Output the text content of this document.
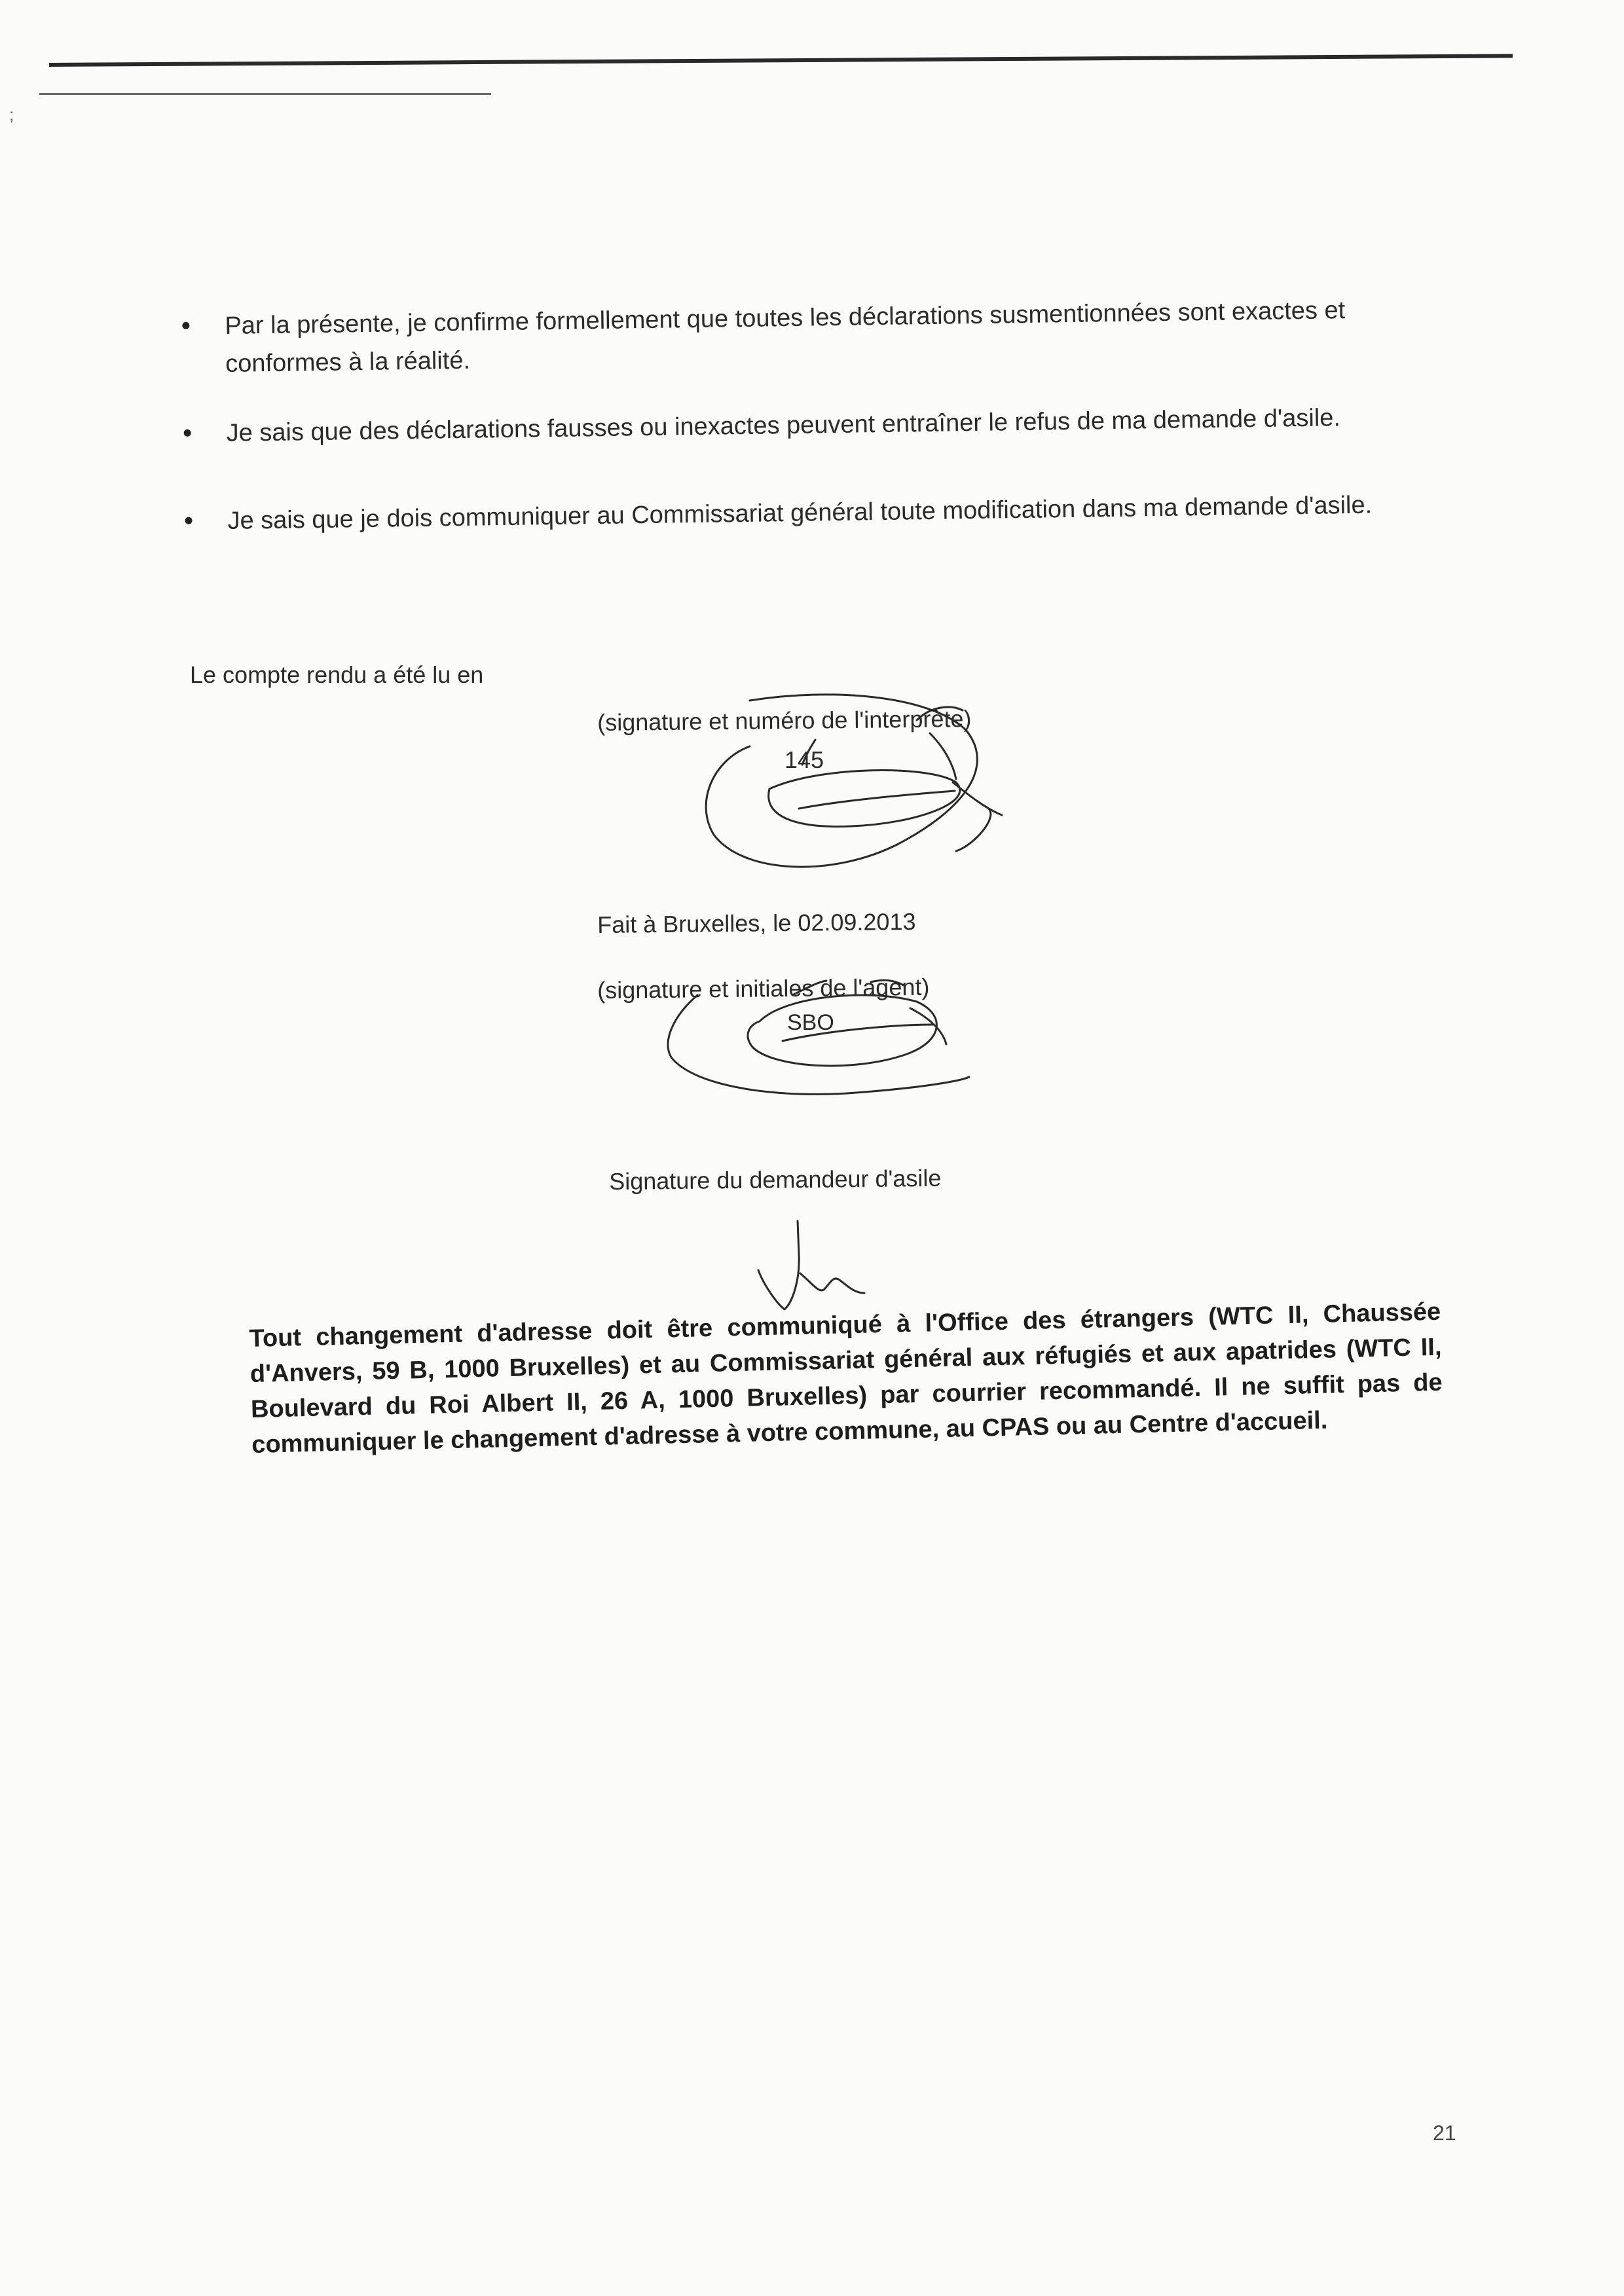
;
Par la présente, je confirme formellement que toutes les déclarations susmentionnées sont exactes et conformes à la réalité.
Je sais que des déclarations fausses ou inexactes peuvent entraîner le refus de ma demande d'asile.
Je sais que je dois communiquer au Commissariat général toute modification dans ma demande d'asile.
Le compte rendu a été lu en
(signature et numéro de l'interprète)
145
Fait à Bruxelles, le 02.09.2013
(signature et initiales de l'agent)
SBO
Signature du demandeur d'asile
Tout changement d'adresse doit être communiqué à l'Office des étrangers (WTC II, Chaussée d'Anvers, 59 B, 1000 Bruxelles) et au Commissariat général aux réfugiés et aux apatrides (WTC II, Boulevard du Roi Albert II, 26 A, 1000 Bruxelles) par courrier recommandé. Il ne suffit pas de communiquer le changement d'adresse à votre commune, au CPAS ou au Centre d'accueil.
21
